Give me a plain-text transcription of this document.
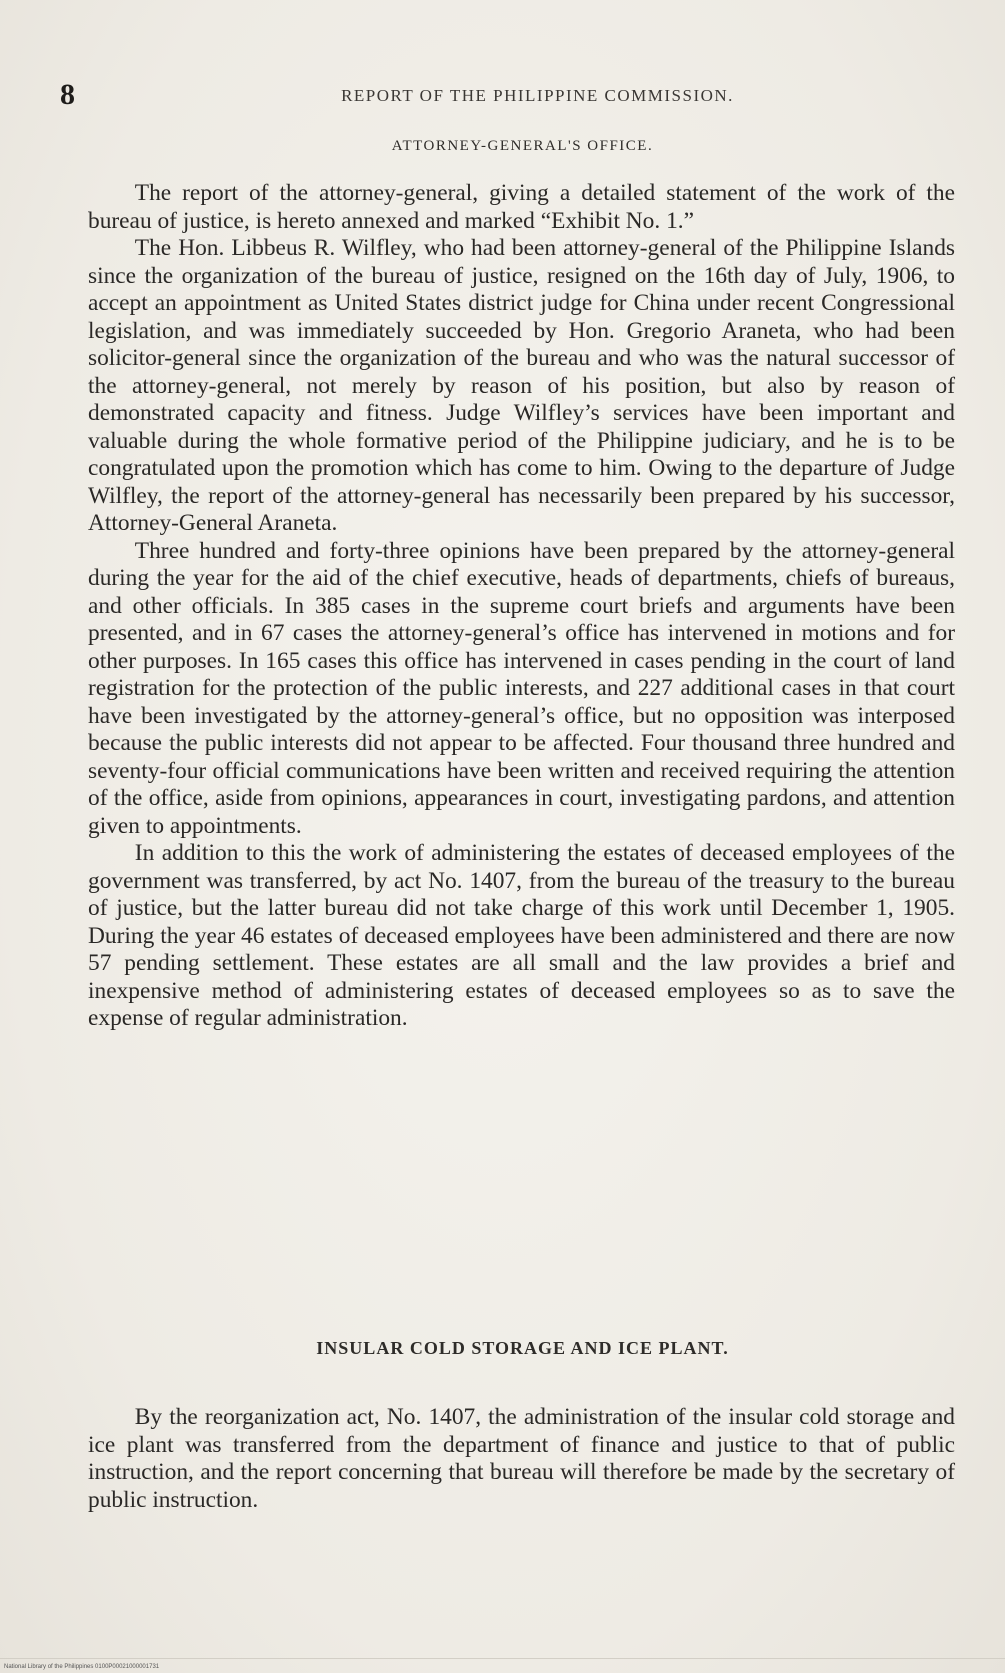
8	REPORT OF THE PHILIPPINE COMMISSION.
ATTORNEY-GENERAL'S OFFICE.

The report of the attorney-general, giving a detailed statement of the work of the bureau of justice, is hereto annexed and marked “Exhibit No. 1.”

The Hon. Libbeus R. Wilfley, who had been attorney-general of the Philippine Islands since the organization of the bureau of justice, resigned on the 16th day of July, 1906, to accept an appointment as United States district judge for China under recent Congressional legislation, and was immediately succeeded by Hon. Gregorio Araneta, who had been solicitor-general since the organization of the bureau and who was the natural successor of the attorney-general, not merely by reason of his position, but also by reason of demonstrated capacity and fitness. Judge Wilfley’s services have been important and valuable during the whole formative period of the Philippine judiciary, and he is to be congratulated upon the promotion which has come to him. Owing to the departure of Judge Wilfley, the report of the attorney-general has necessarily been prepared by his successor, Attorney-General Araneta.

Three hundred and forty-three opinions have been prepared by the attorney-general during the year for the aid of the chief executive, heads of departments, chiefs of bureaus, and other officials. In 385 cases in the supreme court briefs and arguments have been presented, and in 67 cases the attorney-general’s office has intervened in motions and for other purposes. In 165 cases this office has intervened in cases pending in the court of land registration for the protection of the public interests, and 227 additional cases in that court have been investigated by the attorney-general’s office, but no opposition was interposed because the public interests did not appear to be affected. Four thousand three hundred and seventy-four official communications have been written and received requiring the attention of the office, aside from opinions, appearances in court, investigating pardons, and attention given to appointments.

In addition to this the work of administering the estates of deceased employees of the government was transferred, by act No. 1407, from the bureau of the treasury to the bureau of justice, but the latter bureau did not take charge of this work until December 1, 1905. During the year 46 estates of deceased employees have been administered and there are now 57 pending settlement. These estates are all small and the law provides a brief and inexpensive method of administering estates of deceased employees so as to save the expense of regular administration.

INSULAR COLD STORAGE AND ICE PLANT.

By the reorganization act, No. 1407, the administration of the insular cold storage and ice plant was transferred from the department of finance and justice to that of public instruction, and the report concerning that bureau will therefore be made by the secretary of public instruction.

National Library of the Philippines 0100P00021000001731
